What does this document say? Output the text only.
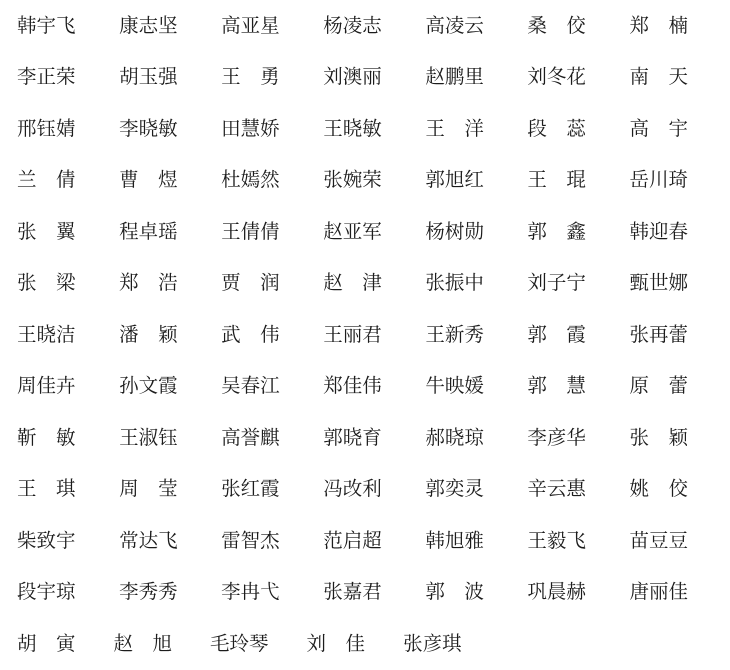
韩宇飞 康志坚 高亚星 杨凌志 高凌云 桑　佼 郑　楠
李正荣 胡玉强 王　勇 刘澳丽 赵鹏里 刘冬花 南　天
邢钰婧 李晓敏 田慧娇 王晓敏 王　洋 段　蕊 高　宇
兰　倩 曹　煜 杜嫣然 张婉荣 郭旭红 王　琨 岳川琦
张　翼 程卓瑶 王倩倩 赵亚军 杨树勋 郭　鑫 韩迎春
张　梁 郑　浩 贾　润 赵　津 张振中 刘子宁 甄世娜
王晓洁 潘　颖 武　伟 王丽君 王新秀 郭　霞 张再蕾
周佳卉 孙文霞 吴春江 郑佳伟 牛映媛 郭　慧 原　蕾
靳　敏 王淑钰 高誉麒 郭晓育 郝晓琼 李彦华 张　颖
王　琪 周　莹 张红霞 冯改利 郭奕灵 辛云惠 姚　佼
柴致宇 常达飞 雷智杰 范启超 韩旭雅 王毅飞 苗豆豆
段宇琼 李秀秀 李冉弋 张嘉君 郭　波 巩晨赫 唐丽佳
胡　寅 赵　旭 毛玲琴 刘　佳 张彦琪
